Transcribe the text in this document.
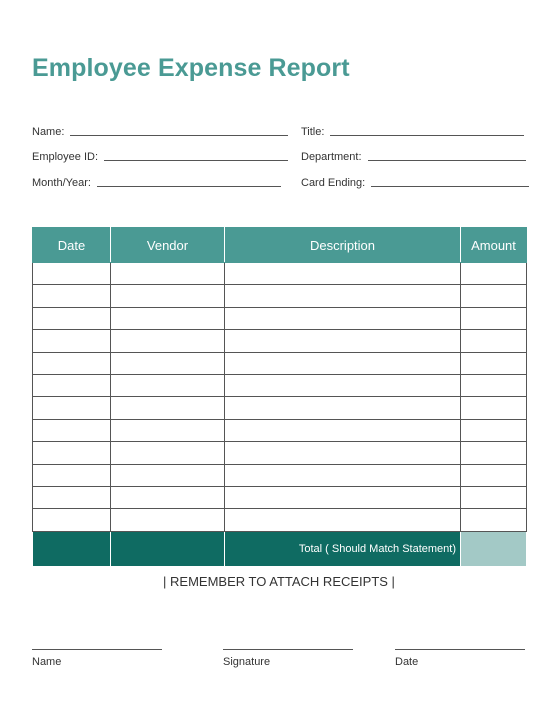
Employee Expense Report
Name:
Employee ID:
Month/Year:
Title:
Department:
Card Ending:
Date	Vendor	Description	Amount

		Total ( Should Match Statement)	
| REMEMBER TO ATTACH RECEIPTS |
Name	Signature	Date
